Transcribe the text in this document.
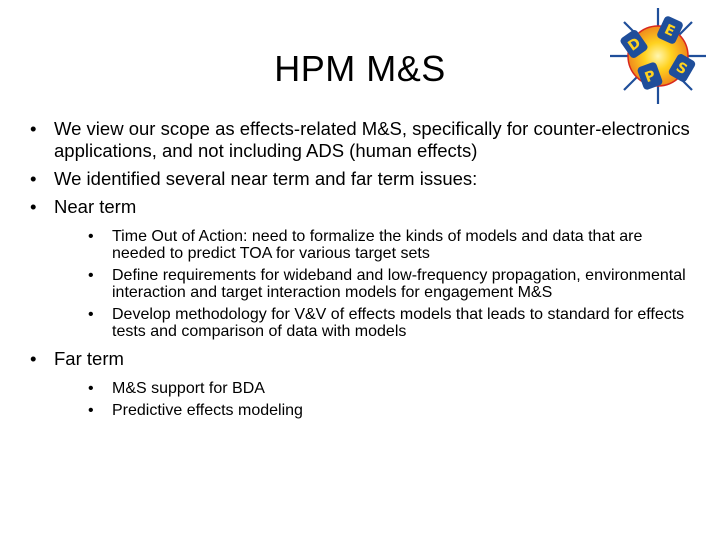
HPM M&S
D
E
P S
• We view our scope as effects-related M&S, specifically for counter-electronics applications, and not including ADS (human effects)
• We identified several near term and far term issues:
• Near term
• Time Out of Action: need to formalize the kinds of models and data that are needed to predict TOA for various target sets
• Define requirements for wideband and low-frequency propagation, environmental interaction and target interaction models for engagement M&S
• Develop methodology for V&V of effects models that leads to standard for effects tests and comparison of data with models
• Far term
• M&S support for BDA
• Predictive effects modeling
